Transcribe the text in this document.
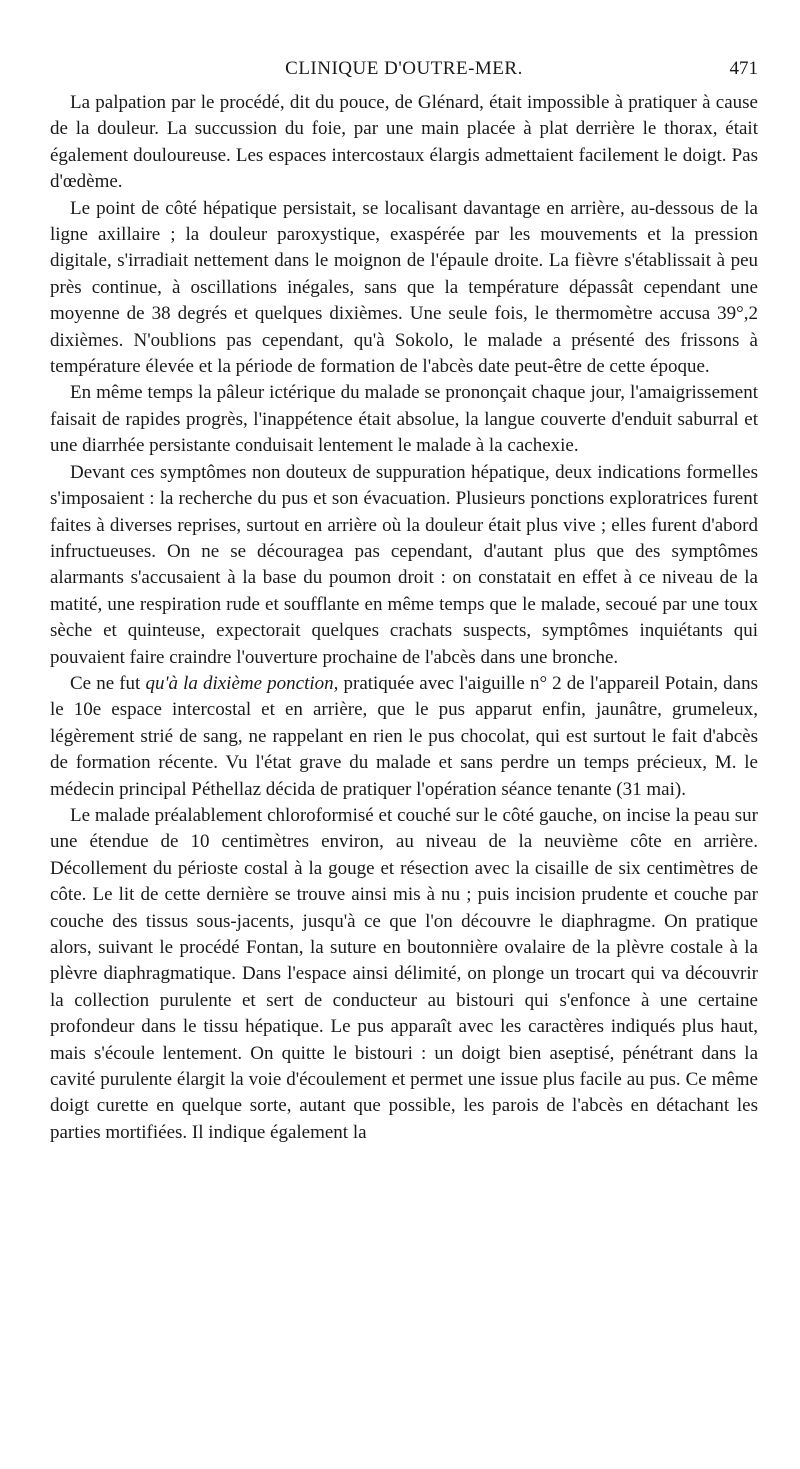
CLINIQUE D'OUTRE-MER.	471

La palpation par le procédé, dit du pouce, de Glénard, était impossible à pratiquer à cause de la douleur. La succussion du foie, par une main placée à plat derrière le thorax, était également douloureuse. Les espaces intercostaux élargis admettaient facilement le doigt. Pas d'œdème.

Le point de côté hépatique persistait, se localisant davantage en arrière, au-dessous de la ligne axillaire ; la douleur paroxystique, exaspérée par les mouvements et la pression digitale, s'irradiait nettement dans le moignon de l'épaule droite. La fièvre s'établissait à peu près continue, à oscillations inégales, sans que la température dépassât cependant une moyenne de 38 degrés et quelques dixièmes. Une seule fois, le thermomètre accusa 39°,2 dixièmes. N'oublions pas cependant, qu'à Sokolo, le malade a présenté des frissons à température élevée et la période de formation de l'abcès date peut-être de cette époque.

En même temps la pâleur ictérique du malade se prononçait chaque jour, l'amaigrissement faisait de rapides progrès, l'inappétence était absolue, la langue couverte d'enduit saburral et une diarrhée persistante conduisait lentement le malade à la cachexie.

Devant ces symptômes non douteux de suppuration hépatique, deux indications formelles s'imposaient : la recherche du pus et son évacuation. Plusieurs ponctions exploratrices furent faites à diverses reprises, surtout en arrière où la douleur était plus vive ; elles furent d'abord infructueuses. On ne se découragea pas cependant, d'autant plus que des symptômes alarmants s'accusaient à la base du poumon droit : on constatait en effet à ce niveau de la matité, une respiration rude et soufflante en même temps que le malade, secoué par une toux sèche et quinteuse, expectorait quelques crachats suspects, symptômes inquiétants qui pouvaient faire craindre l'ouverture prochaine de l'abcès dans une bronche.

Ce ne fut qu'à la dixième ponction, pratiquée avec l'aiguille n° 2 de l'appareil Potain, dans le 10e espace intercostal et en arrière, que le pus apparut enfin, jaunâtre, grumeleux, légèrement strié de sang, ne rappelant en rien le pus chocolat, qui est surtout le fait d'abcès de formation récente. Vu l'état grave du malade et sans perdre un temps précieux, M. le médecin principal Péthellaz décida de pratiquer l'opération séance tenante (31 mai).

Le malade préalablement chloroformisé et couché sur le côté gauche, on incise la peau sur une étendue de 10 centimètres environ, au niveau de la neuvième côte en arrière. Décollement du périoste costal à la gouge et résection avec la cisaille de six centimètres de côte. Le lit de cette dernière se trouve ainsi mis à nu ; puis incision prudente et couche par couche des tissus sous-jacents, jusqu'à ce que l'on découvre le diaphragme. On pratique alors, suivant le procédé Fontan, la suture en boutonnière ovalaire de la plèvre costale à la plèvre diaphragmatique. Dans l'espace ainsi délimité, on plonge un trocart qui va découvrir la collection purulente et sert de conducteur au bistouri qui s'enfonce à une certaine profondeur dans le tissu hépatique. Le pus apparaît avec les caractères indiqués plus haut, mais s'écoule lentement. On quitte le bistouri : un doigt bien aseptisé, pénétrant dans la cavité purulente élargit la voie d'écoulement et permet une issue plus facile au pus. Ce même doigt curette en quelque sorte, autant que possible, les parois de l'abcès en détachant les parties mortifiées. Il indique également la
